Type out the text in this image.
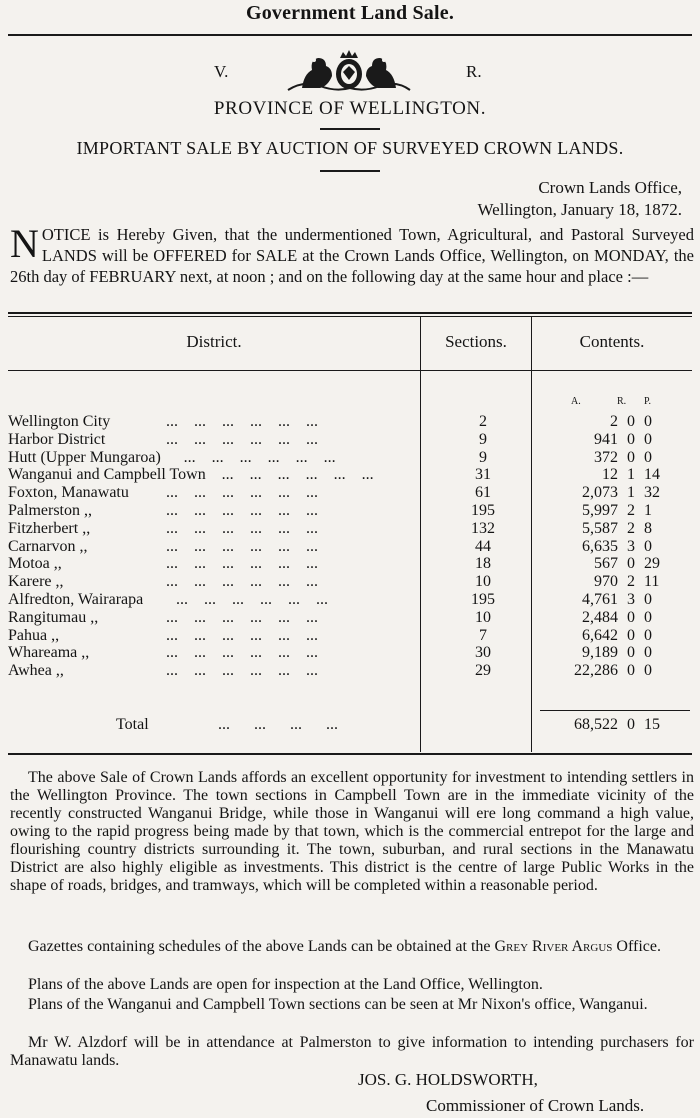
Government Land Sale.
V.	R.
PROVINCE OF WELLINGTON.
IMPORTANT SALE BY AUCTION OF SURVEYED CROWN LANDS.
Crown Lands Office,
Wellington, January 18, 1872.
NOTICE is Hereby Given, that the undermentioned Town, Agricultural, and Pastoral Surveyed LANDS will be OFFERED for SALE at the Crown Lands Office, Wellington, on MONDAY, the 26th day of FEBRUARY next, at noon ; and on the following day at the same hour and place :—
District.	Sections.	Contents.
A.	R. P.
Wellington City	2	2 0 0
...    ...    ...    ...    ...    ...
Harbor District	9	941 0 0
...    ...    ...    ...    ...    ...
Hutt (Upper Mungaroa)	9	372 0 0
...    ...    ...    ...    ...    ...
Wanganui and Campbell Town	31	12 1 14
...    ...    ...    ...    ...    ...
Foxton, Manawatu	61	2,073 1 32
...    ...    ...    ...    ...    ...
Palmerston ,,	195	5,997 2 1
...    ...    ...    ...    ...    ...
Fitzherbert ,,	132	5,587 2 8
...    ...    ...    ...    ...    ...
Carnarvon ,,	44	6,635 3 0
...    ...    ...    ...    ...    ...
Motoa ,,	18	567 0 29
...    ...    ...    ...    ...    ...
Karere ,,	10	970 2 11
...    ...    ...    ...    ...    ...
Alfredton, Wairarapa	195	4,761 3 0
...    ...    ...    ...    ...    ...
Rangitumau ,,	10	2,484 0 0
...    ...    ...    ...    ...    ...
Pahua ,,	7	6,642 0 0
...    ...    ...    ...    ...    ...
Whareama ,,	30	9,189 0 0
...    ...    ...    ...    ...    ...
Awhea ,,	29	22,286 0 0
...    ...    ...    ...    ...    ...
Total	...      ...      ...      ...	68,522 0 15
The above Sale of Crown Lands affords an excellent opportunity for investment to intending settlers in the Wellington Province. The town sections in Campbell Town are in the immediate vicinity of the recently constructed Wanganui Bridge, while those in Wanganui will ere long command a high value, owing to the rapid progress being made by that town, which is the commercial entrepot for the large and flourishing country districts surrounding it. The town, suburban, and rural sections in the Manawatu District are also highly eligible as investments. This district is the centre of large Public Works in the shape of roads, bridges, and tramways, which will be completed within a reasonable period.
Gazettes containing schedules of the above Lands can be obtained at the Grey River Argus Office.
Plans of the above Lands are open for inspection at the Land Office, Wellington.
Plans of the Wanganui and Campbell Town sections can be seen at Mr Nixon's office, Wanganui.
Mr W. Alzdorf will be in attendance at Palmerston to give information to intending purchasers for Manawatu lands.
JOS. G. HOLDSWORTH,
Commissioner of Crown Lands.
